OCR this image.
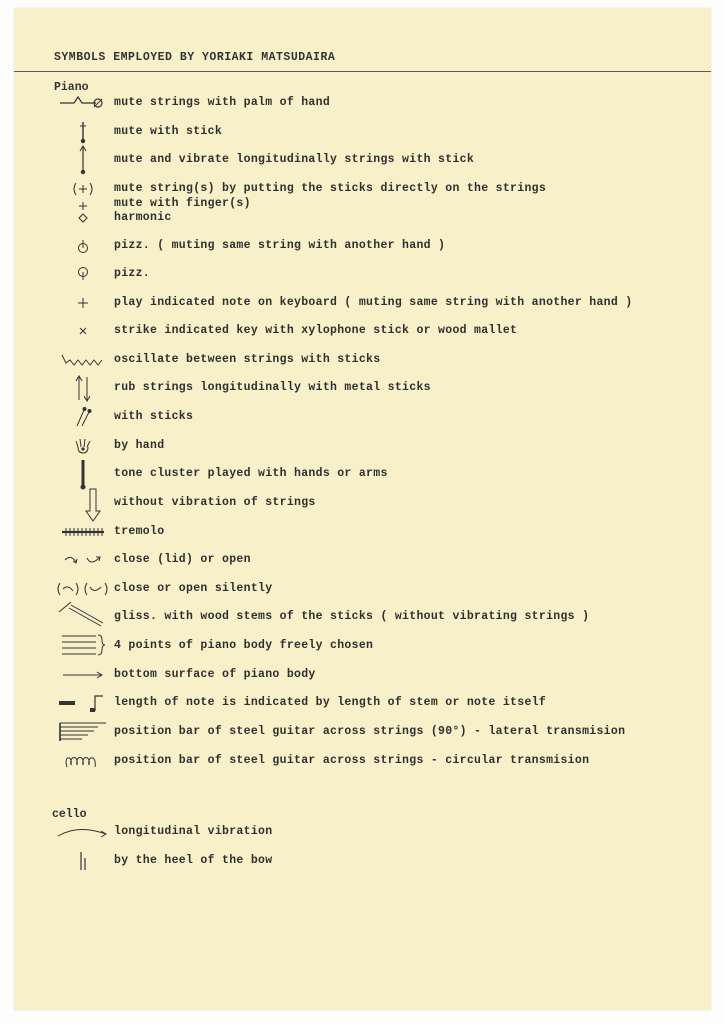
SYMBOLS EMPLOYED BY YORIAKI MATSUDAIRA
Piano
mute strings with palm of hand
mute with stick
mute and vibrate longitudinally strings with stick
mute string(s) by putting the sticks directly on the strings
mute with finger(s)
harmonic
pizz. ( muting same string with another hand )
pizz.
play indicated note on keyboard ( muting same string with another hand )
strike indicated key with xylophone stick or wood mallet
oscillate between strings with sticks
rub strings longitudinally with metal sticks
with sticks
by hand
tone cluster played with hands or arms
without vibration of strings
tremolo
close (lid) or open
close or open silently
gliss. with wood stems of the sticks ( without vibrating strings )
4 points of piano body freely chosen
bottom surface of piano body
length of note is indicated by length of stem or note itself
position bar of steel guitar across strings (90°) - lateral transmision
position bar of steel guitar across strings - circular transmision
cello
longitudinal vibration
by the heel of the bow
